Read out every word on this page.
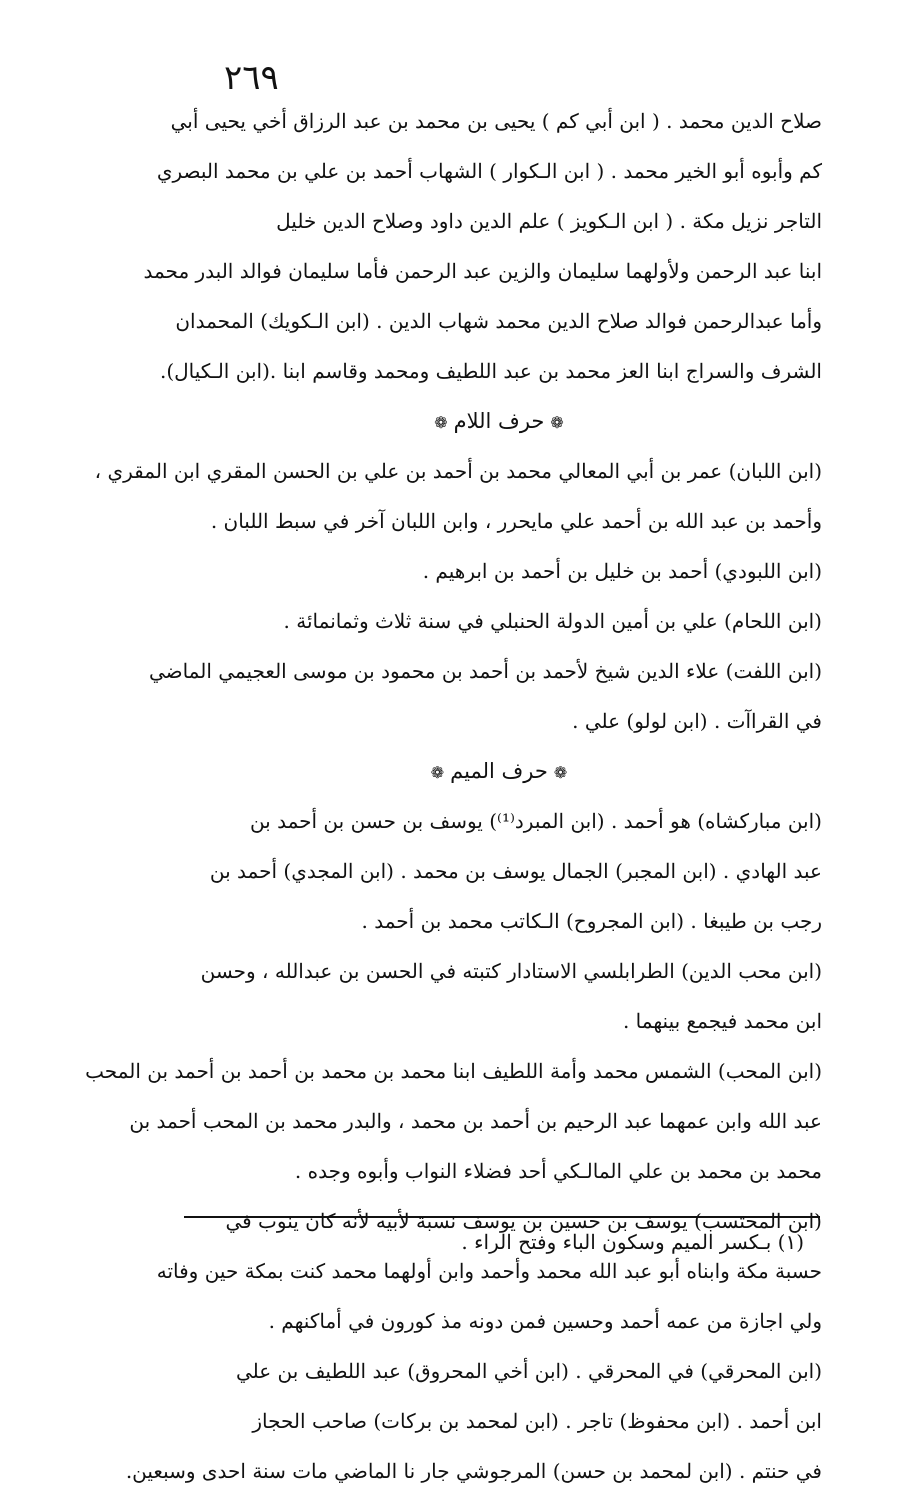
٢٦٩
صلاح الدين محمد . ( ابن أبي كم ) يحيى بن محمد بن عبد الرزاق أخي يحيى أبي
كم وأبوه أبو الخير محمد . ( ابن الـكوار ) الشهاب أحمد بن علي بن محمد البصري
التاجر نزيل مكة . ( ابن الـكويز ) علم الدين داود وصلاح الدين خليل
ابنا عبد الرحمن ولأولهما سليمان والزين عبد الرحمن فأما سليمان فوالد البدر محمد
وأما عبدالرحمن فوالد صلاح الدين محمد شهاب الدين . (ابن الـكويك) المحمدان
الشرف والسراج ابنا العز محمد بن عبد اللطيف ومحمد وقاسم ابنا .(ابن الـكيال).
❁حرف اللام❁
(ابن اللبان) عمر بن أبي المعالي محمد بن أحمد بن علي بن الحسن المقري ابن المقري ،
وأحمد بن عبد الله بن أحمد علي مايحرر ، وابن اللبان آخر في سبط اللبان .
(ابن اللبودي) أحمد بن خليل بن أحمد بن ابرهيم .
(ابن اللحام) علي بن أمين الدولة الحنبلي في سنة ثلاث وثمانمائة .
(ابن اللفت) علاء الدين شيخ لأحمد بن أحمد بن محمود بن موسى العجيمي الماضي
في القراآت . (ابن لولو) علي .
❁حرف الميم❁
(ابن مباركشاه) هو أحمد . (ابن المبرد⁽¹⁾) يوسف بن حسن بن أحمد بن
عبد الهادي . (ابن المجبر) الجمال يوسف بن محمد . (ابن المجدي) أحمد بن
رجب بن طيبغا . (ابن المجروح) الـكاتب محمد بن أحمد .
(ابن محب الدين) الطرابلسي الاستادار كتبته في الحسن بن عبدالله ، وحسن
ابن محمد فيجمع بينهما .
(ابن المحب) الشمس محمد وأمة اللطيف ابنا محمد بن محمد بن أحمد بن أحمد بن المحب
عبد الله وابن عمهما عبد الرحيم بن أحمد بن محمد ، والبدر محمد بن المحب أحمد بن
محمد بن محمد بن علي المالـكي أحد فضلاء النواب وأبوه وجده .
(ابن المحتسب) يوسف بن حسين بن يوسف نسبة لأبيه لأنه كان ينوب في
حسبة مكة وابناه أبو عبد الله محمد وأحمد وابن أولهما محمد كنت بمكة حين وفاته
ولي اجازة من عمه أحمد وحسين فمن دونه مذ كورون في أماكنهم .
(ابن المحرقي) في المحرقي . (ابن أخي المحروق) عبد اللطيف بن علي
ابن أحمد . (ابن محفوظ) تاجر . (ابن لمحمد بن بركات) صاحب الحجاز
في حنتم . (ابن لمحمد بن حسن) المرجوشي جار نا الماضي مات سنة احدى وسبعين.
(١) بـكسر الميم وسكون الباء وفتح الراء .
